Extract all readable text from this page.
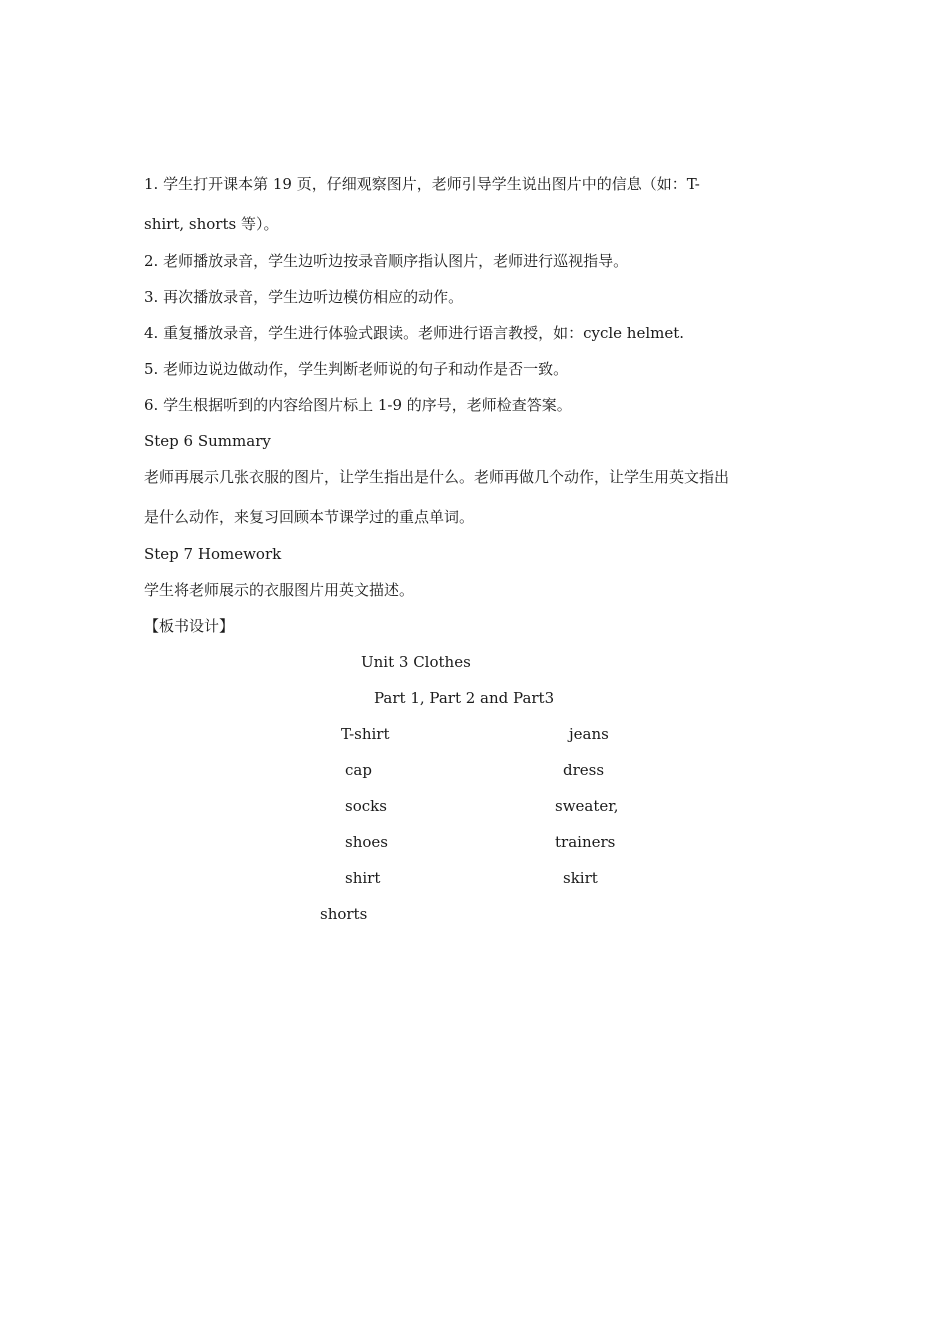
1. 学生打开课本第 19 页，仔细观察图片，老师引导学生说出图片中的信息（如：T-
shirt, shorts 等）。
2. 老师播放录音，学生边听边按录音顺序指认图片，老师进行巡视指导。
3. 再次播放录音，学生边听边模仿相应的动作。
4. 重复播放录音，学生进行体验式跟读。老师进行语言教授，如：cycle helmet.
5. 老师边说边做动作，学生判断老师说的句子和动作是否一致。
6. 学生根据听到的内容给图片标上 1-9 的序号，老师检查答案。
Step 6 Summary
老师再展示几张衣服的图片，让学生指出是什么。老师再做几个动作，让学生用英文指出
是什么动作，来复习回顾本节课学过的重点单词。
Step 7 Homework
学生将老师展示的衣服图片用英文描述。
【板书设计】
Unit 3 Clothes
Part 1, Part 2 and Part3
T-shirt	jeans
cap	dress
socks	sweater,
shoes	trainers
shirt	skirt
shorts
